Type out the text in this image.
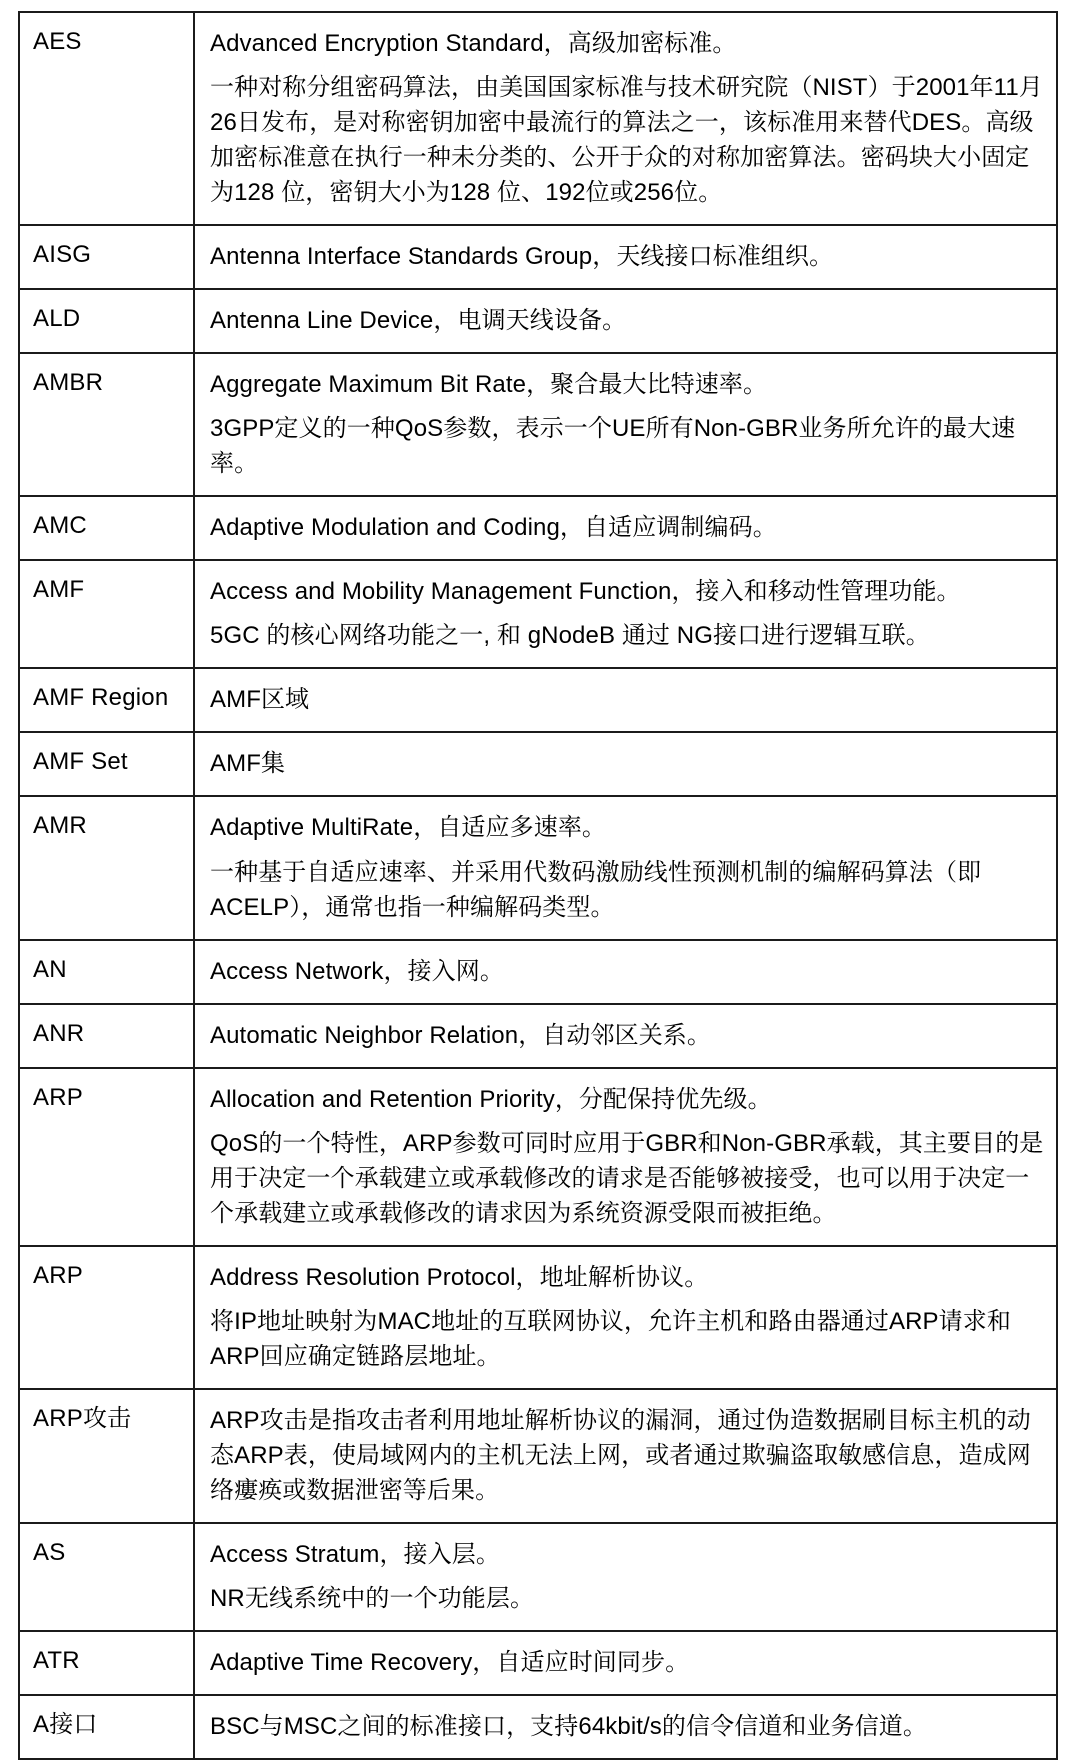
AES	Advanced Encryption Standard，高级加密标准。

一种对称分组密码算法，由美国国家标准与技术研究院（NIST）于2001年11月26日发布，是对称密钥加密中最流行的算法之一，该标准用来替代DES。高级加密标准意在执行一种未分类的、公开于众的对称加密算法。密码块大小固定为128 位，密钥大小为128 位、192位或256位。

AISG	Antenna Interface Standards Group，天线接口标准组织。

ALD	Antenna Line Device，电调天线设备。

AMBR	Aggregate Maximum Bit Rate，聚合最大比特速率。

3GPP定义的一种QoS参数，表示一个UE所有Non-GBR业务所允许的最大速率。

AMC	Adaptive Modulation and Coding，自适应调制编码。

AMF	Access and Mobility Management Function，接入和移动性管理功能。

5GC 的核心网络功能之一, 和 gNodeB 通过 NG接口进行逻辑互联。

AMF Region	AMF区域

AMF Set	AMF集

AMR	Adaptive MultiRate，自适应多速率。

一种基于自适应速率、并采用代数码激励线性预测机制的编解码算法（即ACELP），通常也指一种编解码类型。

AN	Access Network，接入网。

ANR	Automatic Neighbor Relation，自动邻区关系。

ARP	Allocation and Retention Priority，分配保持优先级。

QoS的一个特性，ARP参数可同时应用于GBR和Non-GBR承载，其主要目的是用于决定一个承载建立或承载修改的请求是否能够被接受，也可以用于决定一个承载建立或承载修改的请求因为系统资源受限而被拒绝。

ARP	Address Resolution Protocol，地址解析协议。

将IP地址映射为MAC地址的互联网协议，允许主机和路由器通过ARP请求和ARP回应确定链路层地址。

ARP攻击	ARP攻击是指攻击者利用地址解析协议的漏洞，通过伪造数据刷目标主机的动态ARP表，使局域网内的主机无法上网，或者通过欺骗盗取敏感信息，造成网络瘻痪或数据泄密等后果。

AS	Access Stratum，接入层。

NR无线系统中的一个功能层。

ATR	Adaptive Time Recovery，自适应时间同步。

A接口	BSC与MSC之间的标准接口，支持64kbit/s的信令信道和业务信道。
